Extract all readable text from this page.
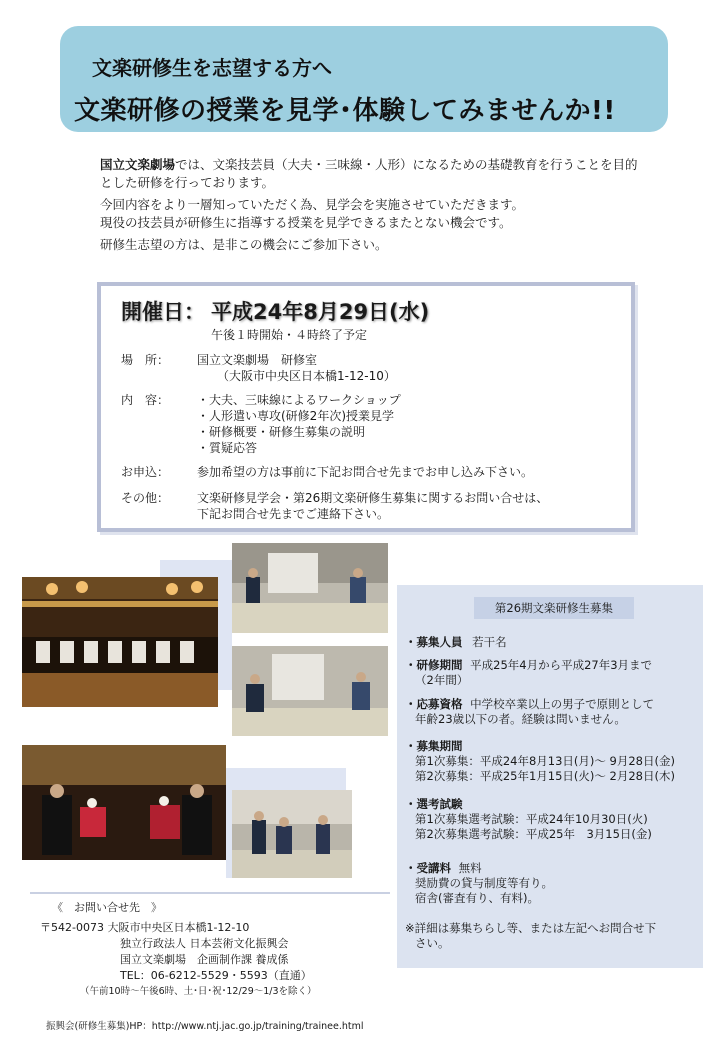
文楽研修生を志望する方へ
文楽研修の授業を見学･体験してみませんか!!

国立文楽劇場では、文楽技芸員（大夫・三味線・人形）になるための基礎教育を行うことを目的とした研修を行っております。

今回内容をより一層知っていただく為、見学会を実施させていただきます。

現役の技芸員が研修生に指導する授業を見学できるまたとない機会です。

研修生志望の方は、是非この機会にご参加下さい。

開催日： 平成24年8月29日(水)
午後１時開始・４時終了予定
場　所：	国立文楽劇場　研修室
（大阪市中央区日本橋1-12-10）
内　容：	・大夫、三味線によるワークショップ
・人形遣い専攻(研修2年次)授業見学
・研修概要・研修生募集の説明
・質疑応答
お申込：	参加希望の方は事前に下記お問合せ先までお申し込み下さい。
その他：	文楽研修見学会・第26期文楽研修生募集に関するお問い合せは、
下記お問合せ先までご連絡下さい。
第26期文楽研修生募集
・募集人員 若干名
・研修期間 平成25年4月から平成27年3月まで
（2年間）
・応募資格 中学校卒業以上の男子で原則として
年齢23歳以下の者。経験は問いません。
・募集期間
第1次募集：平成24年8月13日(月)～ 9月28日(金)
第2次募集：平成25年1月15日(火)～ 2月28日(木)
・選考試験
第1次募集選考試験：平成24年10月30日(火)
第2次募集選考試験：平成25年　3月15日(金)
・受講料 無料
奨励費の貸与制度等有り。
宿舎(審査有り、有料)。
※詳細は募集ちらし等、または左記へお問合せ下
さい。
《　お問い合せ先　》
〒542-0073 大阪市中央区日本橋1-12-10
独立行政法人 日本芸術文化振興会
国立文楽劇場　企画制作課 養成係
TEL：06-6212-5529・5593（直通）
（午前10時～午後6時、土･日･祝･12/29～1/3を除く）
振興会(研修生募集)HP：http://www.ntj.jac.go.jp/training/trainee.html
